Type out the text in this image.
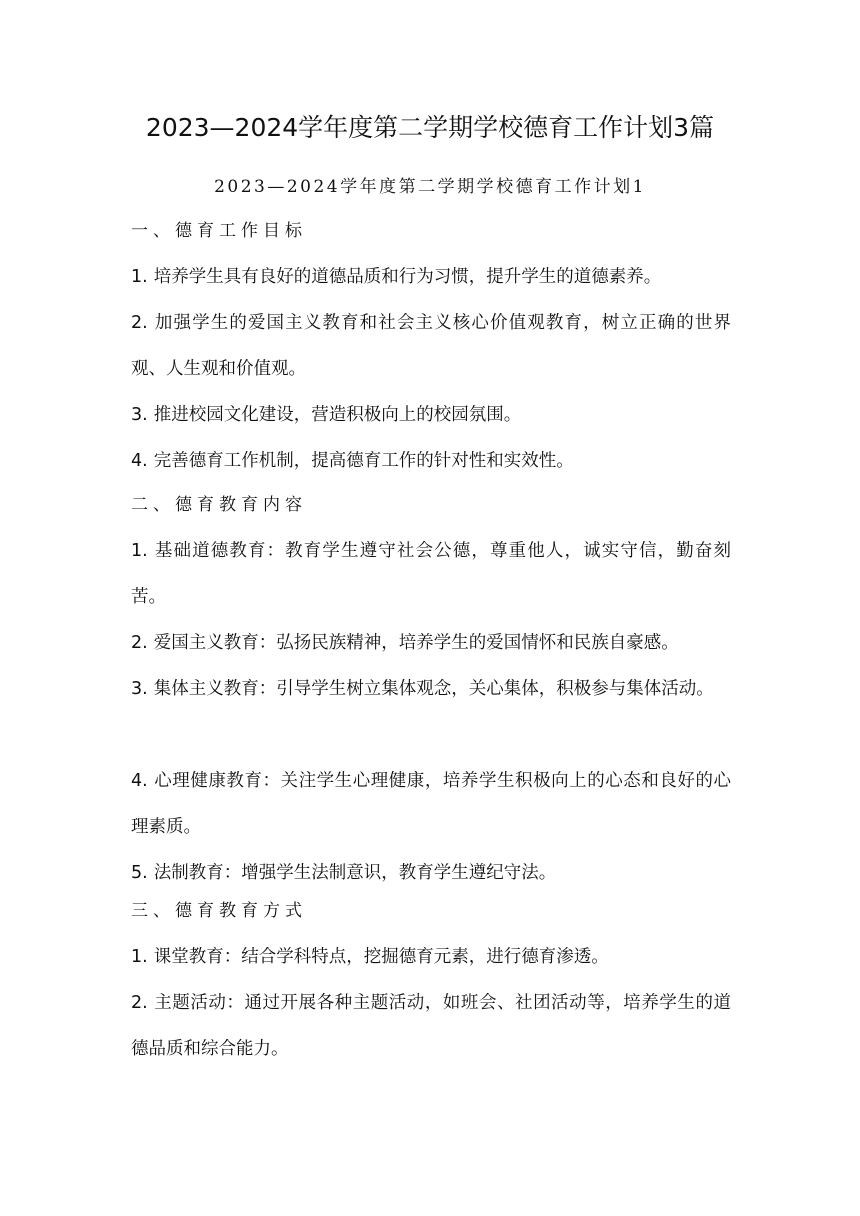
2023—2024学年度第二学期学校德育工作计划3篇
2023—2024学年度第二学期学校德育工作计划1
一、德育工作目标
1. 培养学生具有良好的道德品质和行为习惯，提升学生的道德素养。
2. 加强学生的爱国主义教育和社会主义核心价值观教育，树立正确的世界观、人生观和价值观。
3. 推进校园文化建设，营造积极向上的校园氛围。
4. 完善德育工作机制，提高德育工作的针对性和实效性。
二、德育教育内容
1. 基础道德教育：教育学生遵守社会公德，尊重他人，诚实守信，勤奋刻苦。
2. 爱国主义教育：弘扬民族精神，培养学生的爱国情怀和民族自豪感。
3. 集体主义教育：引导学生树立集体观念，关心集体，积极参与集体活动。
4. 心理健康教育：关注学生心理健康，培养学生积极向上的心态和良好的心理素质。
5. 法制教育：增强学生法制意识，教育学生遵纪守法。
三、德育教育方式
1. 课堂教育：结合学科特点，挖掘德育元素，进行德育渗透。
2. 主题活动：通过开展各种主题活动，如班会、社团活动等，培养学生的道德品质和综合能力。
